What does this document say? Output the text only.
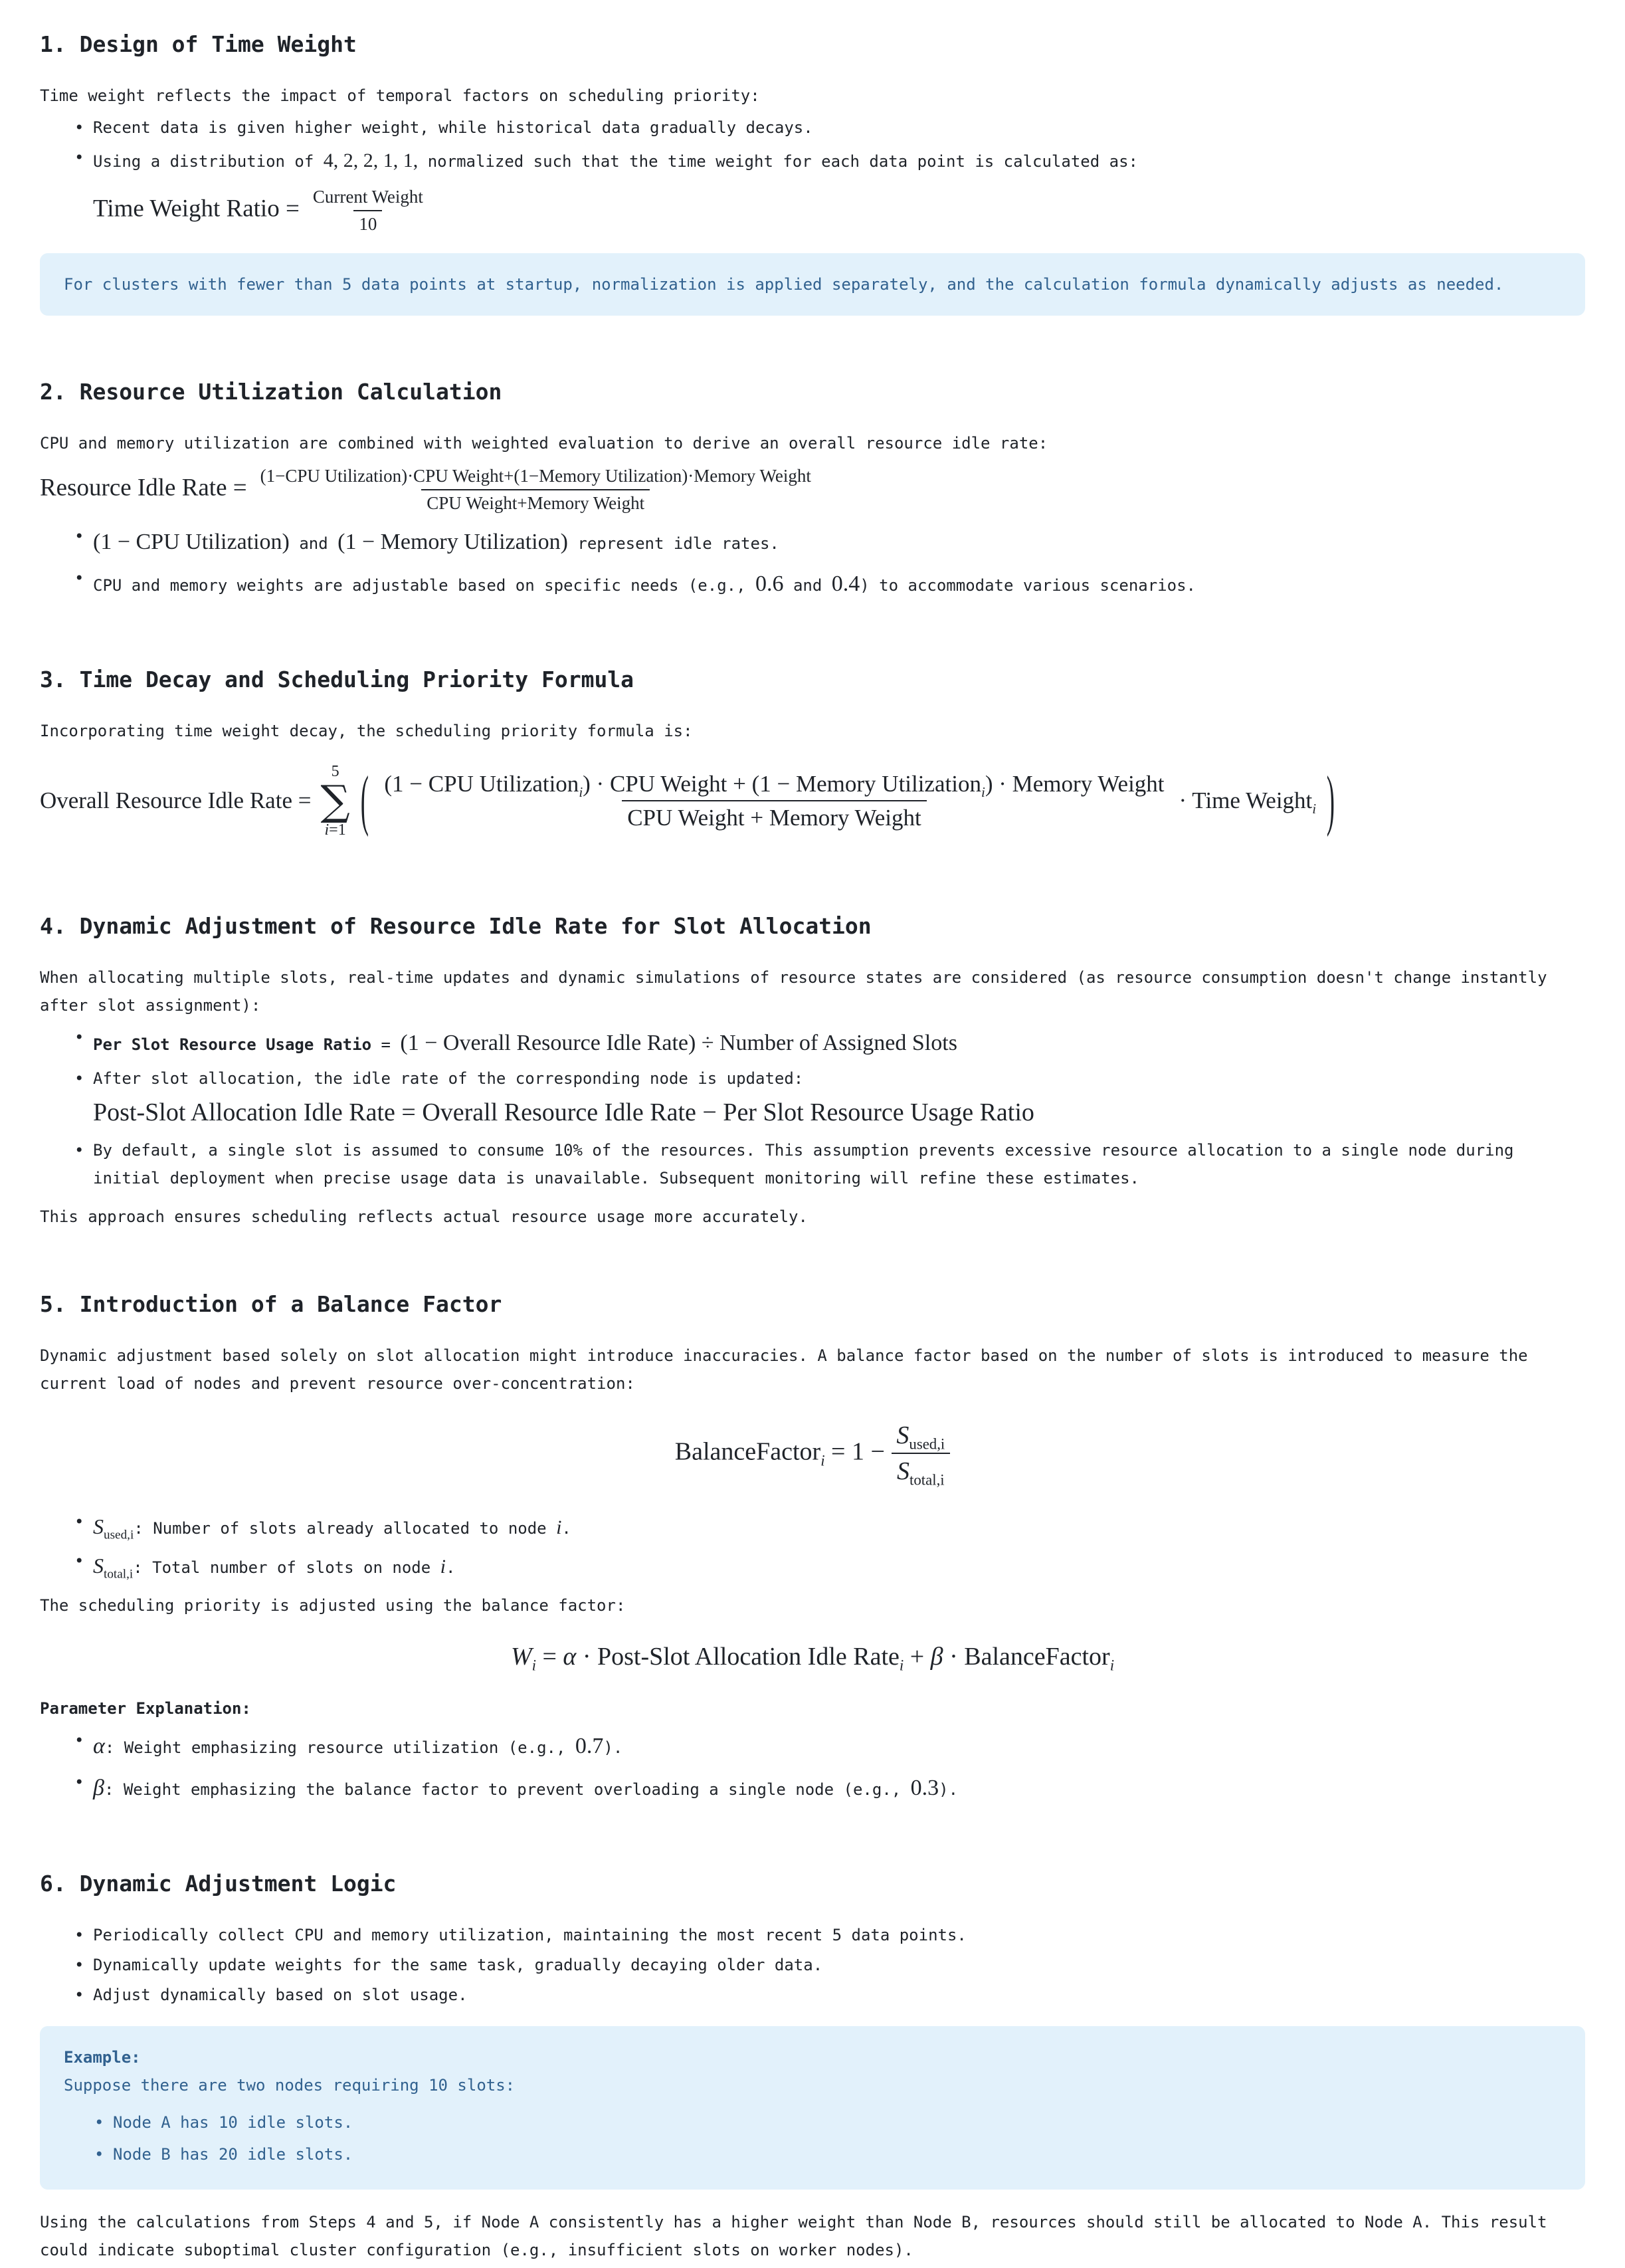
1. Design of Time Weight

Time weight reflects the impact of temporal factors on scheduling priority:

• Recent data is given higher weight, while historical data gradually decays.
• Using a distribution of 4, 2, 2, 1, 1, normalized such that the time weight for each data point is calculated as:
Time Weight Ratio = $\frac{\text{Current Weight}}{10}$

For clusters with fewer than 5 data points at startup, normalization is applied separately, and the calculation formula dynamically adjusts as needed.

2. Resource Utilization Calculation

CPU and memory utilization are combined with weighted evaluation to derive an overall resource idle rate:

Resource Idle Rate = (1−CPU Utilization)·CPU Weight+(1−Memory Utilization)·Memory Weight
CPU Weight+Memory Weight
• (1 − CPU Utilization) and (1 − Memory Utilization) represent idle rates.
• CPU and memory weights are adjustable based on specific needs (e.g., 0.6 and 0.4) to accommodate various scenarios.
3. Time Decay and Scheduling Priority Formula

Incorporating time weight decay, the scheduling priority formula is:

Overall Resource Idle Rate =
5
∑
i=1 ( (1 − CPU Utilization$_i$) · CPU Weight + (1 − Memory Utilization$_i$) · Memory Weight
CPU Weight + Memory Weight
· Time Weight$_i$ )
4. Dynamic Adjustment of Resource Idle Rate for Slot Allocation

When allocating multiple slots, real-time updates and dynamic simulations of resource states are considered (as resource consumption doesn't change instantly after slot assignment):

• Per Slot Resource Usage Ratio = (1 − Overall Resource Idle Rate) ÷ Number of Assigned Slots
• After slot allocation, the idle rate of the corresponding node is updated:
Post-Slot Allocation Idle Rate = Overall Resource Idle Rate − Per Slot Resource Usage Ratio
• By default, a single slot is assumed to consume 10% of the resources. This assumption prevents excessive resource allocation to a single node during initial deployment when precise usage data is unavailable. Subsequent monitoring will refine these estimates.

This approach ensures scheduling reflects actual resource usage more accurately.

5. Introduction of a Balance Factor

Dynamic adjustment based solely on slot allocation might introduce inaccuracies. A balance factor based on the number of slots is introduced to measure the current load of nodes and prevent resource over-concentration:

BalanceFactor$_i$ = $1 - \frac{S_{used,i}}{S_{total,i}}$
• $S_{used,i}$: Number of slots already allocated to node i.
• $S_{total,i}$: Total number of slots on node i.

The scheduling priority is adjusted using the balance factor:

$W_i = \alpha$ · Post-Slot Allocation Idle Rate$_i$ + β · BalanceFactor$_i$

Parameter Explanation:

• α: Weight emphasizing resource utilization (e.g., 0.7).
• β: Weight emphasizing the balance factor to prevent overloading a single node (e.g., 0.3).
6. Dynamic Adjustment Logic
• Periodically collect CPU and memory utilization, maintaining the most recent 5 data points.
• Dynamically update weights for the same task, gradually decaying older data.
• Adjust dynamically based on slot usage.

Example:

Suppose there are two nodes requiring 10 slots:

• Node A has 10 idle slots.
• Node B has 20 idle slots.

Using the calculations from Steps 4 and 5, if Node A consistently has a higher weight than Node B, resources should still be allocated to Node A. This result could indicate suboptimal cluster configuration (e.g., insufficient slots on worker nodes).
